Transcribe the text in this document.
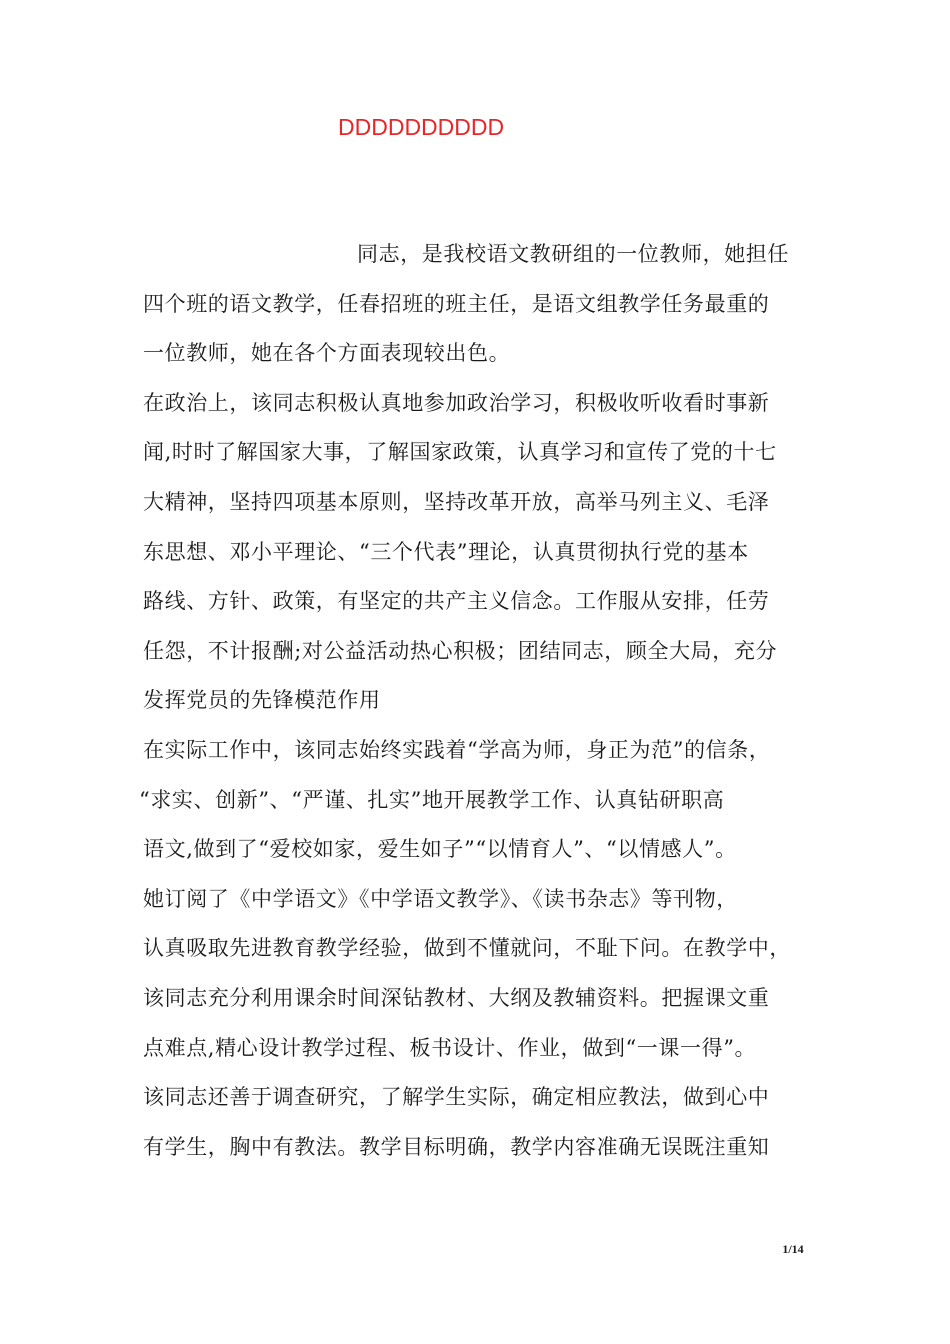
DDDDDDDDDD
同志，是我校语文教研组的一位教师，她担任
四个班的语文教学，任春招班的班主任，是语文组教学任务最重的
一位教师，她在各个方面表现较出色。
在政治上，该同志积极认真地参加政治学习，积极收听收看时事新
闻,时时了解国家大事，了解国家政策，认真学习和宣传了党的十七
大精神，坚持四项基本原则，坚持改革开放，高举马列主义、毛泽
东思想、邓小平理论、“三个代表”理论，认真贯彻执行党的基本
路线、方针、政策，有坚定的共产主义信念。工作服从安排，任劳
任怨，不计报酬;对公益活动热心积极；团结同志，顾全大局，充分
发挥党员的先锋模范作用
在实际工作中，该同志始终实践着“学高为师，身正为范”的信条，
“求实、创新”、“严谨、扎实”地开展教学工作、认真钻研职高
语文,做到了“爱校如家，爱生如子”“以情育人”、“以情感人”。
她订阅了《中学语文》《中学语文教学》、《读书杂志》等刊物，
认真吸取先进教育教学经验，做到不懂就问，不耻下问。在教学中，
该同志充分利用课余时间深钻教材、大纲及教辅资料。把握课文重
点难点,精心设计教学过程、板书设计、作业，做到“一课一得”。
该同志还善于调查研究，了解学生实际，确定相应教法，做到心中
有学生，胸中有教法。教学目标明确，教学内容准确无误既注重知
1/14
